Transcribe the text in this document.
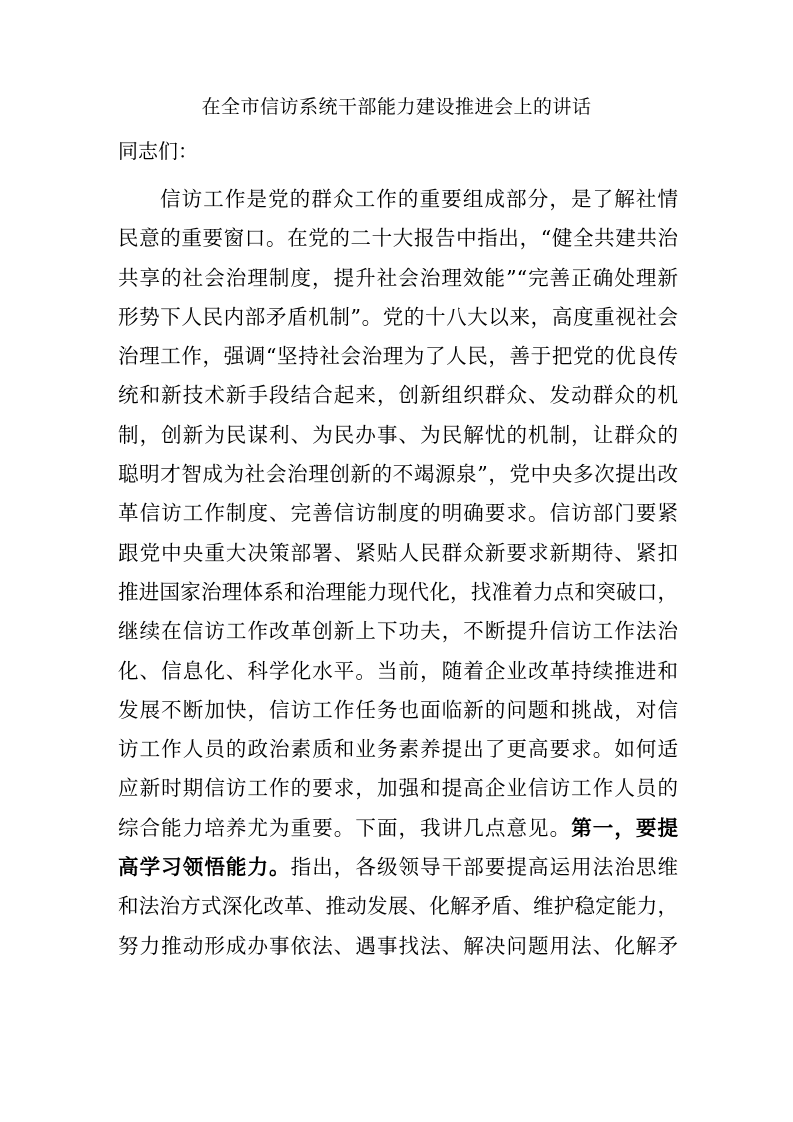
在全市信访系统干部能力建设推进会上的讲话
同志们：
信访工作是党的群众工作的重要组成部分，是了解社情
民意的重要窗口。在党的二十大报告中指出，“健全共建共治
共享的社会治理制度，提升社会治理效能”“完善正确处理新
形势下人民内部矛盾机制”。党的十八大以来，高度重视社会
治理工作，强调“坚持社会治理为了人民，善于把党的优良传
统和新技术新手段结合起来，创新组织群众、发动群众的机
制，创新为民谋利、为民办事、为民解忧的机制，让群众的
聪明才智成为社会治理创新的不竭源泉”，党中央多次提出改
革信访工作制度、完善信访制度的明确要求。信访部门要紧
跟党中央重大决策部署、紧贴人民群众新要求新期待、紧扣
推进国家治理体系和治理能力现代化，找准着力点和突破口，
继续在信访工作改革创新上下功夫，不断提升信访工作法治
化、信息化、科学化水平。当前，随着企业改革持续推进和
发展不断加快，信访工作任务也面临新的问题和挑战，对信
访工作人员的政治素质和业务素养提出了更高要求。如何适
应新时期信访工作的要求，加强和提高企业信访工作人员的
综合能力培养尤为重要。下面，我讲几点意见。第一，要提
高学习领悟能力。指出，各级领导干部要提高运用法治思维
和法治方式深化改革、推动发展、化解矛盾、维护稳定能力，
努力推动形成办事依法、遇事找法、解决问题用法、化解矛
